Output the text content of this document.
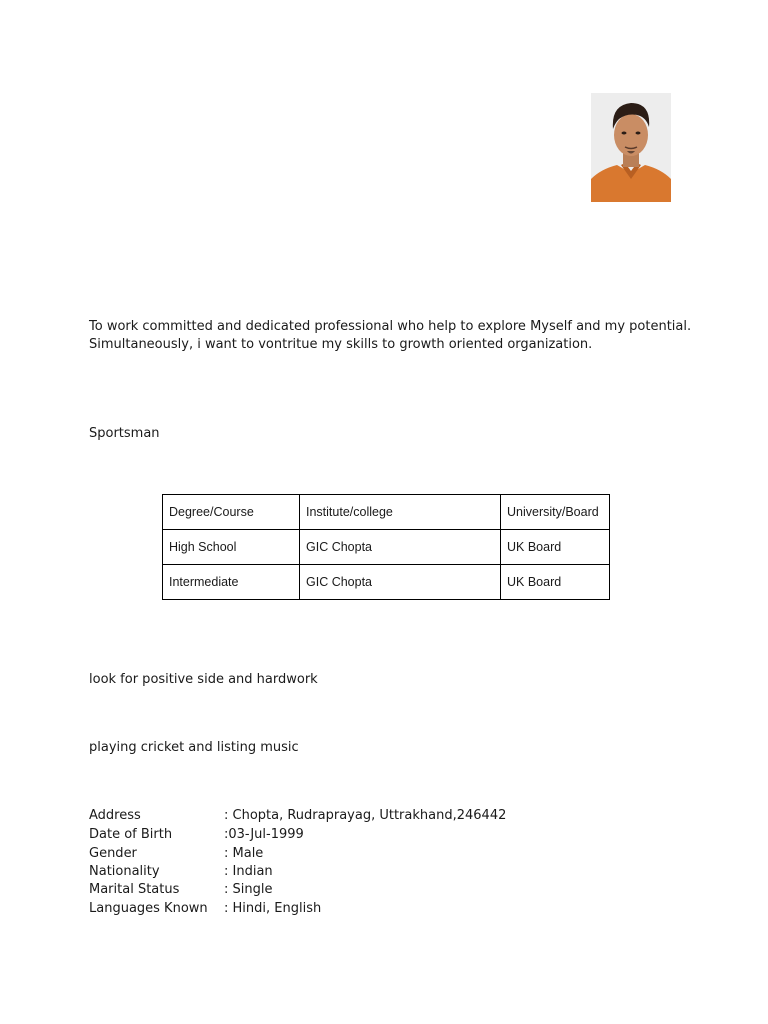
To work committed and dedicated professional who help to explore Myself and my potential.
Simultaneously, i want to vontritue my skills to growth oriented organization.
Sportsman
Degree/Course	Institute/college	University/Board
High School	GIC Chopta	UK Board
Intermediate	GIC Chopta	UK Board
look for positive side and hardwork
playing cricket and listing music
Address	: Chopta, Rudraprayag, Uttrakhand,246442
Date of Birth	:03-Jul-1999
Gender	: Male
Nationality	: Indian
Marital Status	: Single
Languages Known : Hindi, English
